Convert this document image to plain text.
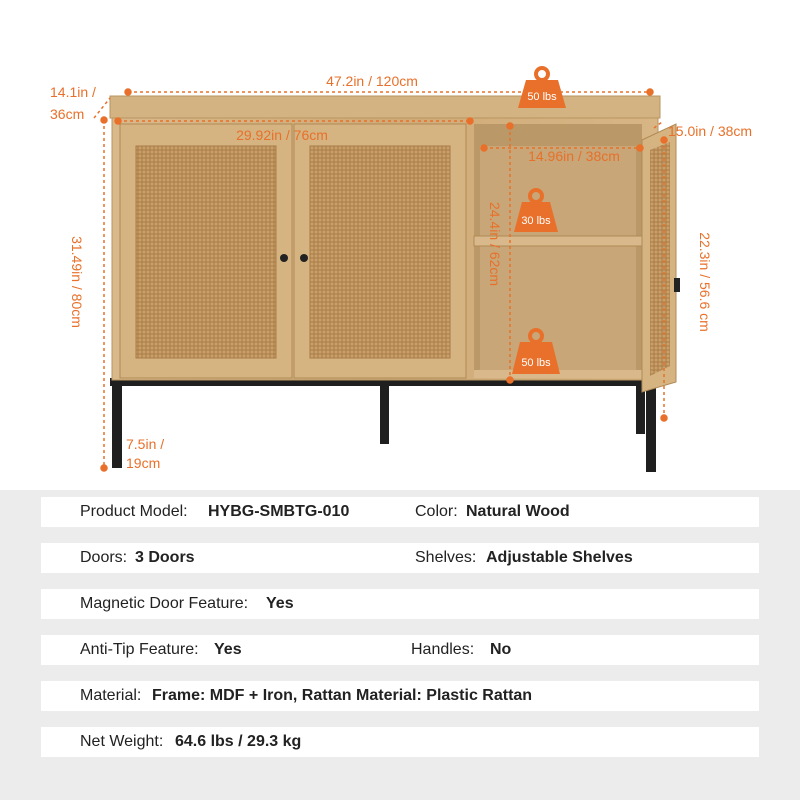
50 lbs
30 lbs
50 lbs
47.2in / 120cm
14.1in /
36cm
29.92in / 76cm	15.0in / 38cm
14.96in / 38cm
31.49in / 80cm	24.4in / 62cm	22.3in / 56.6 cm
7.5in /
19cm
Product Model: HYBG-SMBTG-010	Color: Natural Wood
Doors: 3 Doors	Shelves: Adjustable Shelves
Magnetic Door Feature: Yes
Anti-Tip Feature: Yes	Handles: No
Material: Frame: MDF + Iron, Rattan Material: Plastic Rattan
Net Weight: 64.6 lbs / 29.3 kg
